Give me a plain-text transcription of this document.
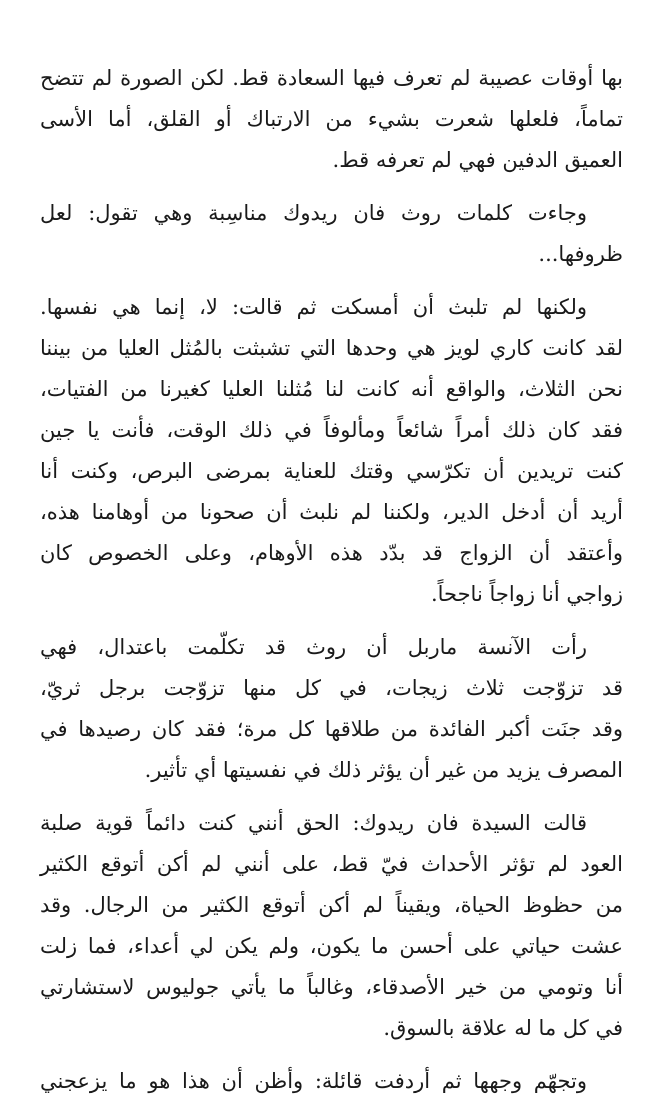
بها أوقات عصيبة لم تعرف فيها السعادة قط. لكن الصورة لم تتضح
تماماً، فلعلها شعرت بشيء من الارتباك أو القلق، أما الأسى
العميق الدفين فهي لم تعرفه قط.

وجاءت كلمات روث فان ريدوك مناسِبة وهي تقول: لعل
ظروفها...

ولكنها لم تلبث أن أمسكت ثم قالت: لا، إنما هي نفسها.
لقد كانت كاري لويز هي وحدها التي تشبثت بالمُثل العليا من بيننا
نحن الثلاث، والواقع أنه كانت لنا مُثلنا العليا كغيرنا من الفتيات،
فقد كان ذلك أمراً شائعاً ومألوفاً في ذلك الوقت، فأنت يا جين
كنت تريدين أن تكرّسي وقتك للعناية بمرضى البرص، وكنت أنا
أريد أن أدخل الدير، ولكننا لم نلبث أن صحونا من أوهامنا هذه،
وأعتقد أن الزواج قد بدّد هذه الأوهام، وعلى الخصوص كان
زواجي أنا زواجاً ناجحاً.

رأت الآنسة ماربل أن روث قد تكلّمت باعتدال، فهي
قد تزوّجت ثلاث زيجات، في كل منها تزوّجت برجل ثريّ،
وقد جنَت أكبر الفائدة من طلاقها كل مرة؛ فقد كان رصيدها في
المصرف يزيد من غير أن يؤثر ذلك في نفسيتها أي تأثير.

قالت السيدة فان ريدوك: الحق أنني كنت دائماً قوية صلبة
العود لم تؤثر الأحداث فيّ قط، على أنني لم أكن أتوقع الكثير
من حظوظ الحياة، ويقيناً لم أكن أتوقع الكثير من الرجال. وقد
عشت حياتي على أحسن ما يكون، ولم يكن لي أعداء، فما زلت
أنا وتومي من خير الأصدقاء، وغالباً ما يأتي جوليوس لاستشارتي
في كل ما له علاقة بالسوق.

وتجهّم وجهها ثم أردفت قائلة: وأظن أن هذا هو ما يزعجني
